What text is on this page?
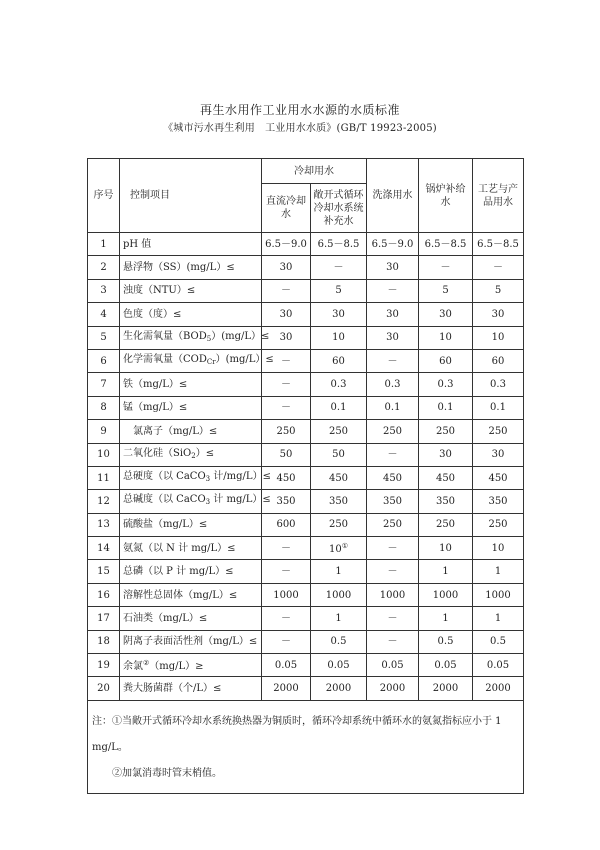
再生水用作工业用水水源的水质标准
《城市污水再生利用　工业用水水质》(GB/T 19923-2005)
序号	控制项目	冷却用水		洗涤用水	锅炉补给水	工艺与产品用水
		直流冷却水	敞开式循环冷却水系统补充水			
1	pH 值	6.5－9.0	6.5－8.5	6.5－9.0	6.5－8.5	6.5－8.5
2	悬浮物（SS）(mg/L）≤	30	－	30	－	－
3	浊度（NTU）≤	－	5	－	5	5
4	色度（度）≤	30	30	30	30	30
5	生化需氧量$(BOD_5)(mg/L)\le$	30	10	30	10	10
6	化学需氧量$(COD_{Cr})(mg/L)\le$	－	60	－	60	60
7	铁（mg/L）≤	－	0.3	0.3	0.3	0.3
8	锰（mg/L）≤	－	0.1	0.1	0.1	0.1
9	　氯离子（mg/L）≤	250	250	250	250	250
10	二氧化硅（SiO$_2$）≤	50	50	－	30	30
11	总硬度（以 CaCO$_3$ 计/mg/L）≤	450	450	450	450	450
12	总碱度（以 CaCO$_3$ 计 mg/L）≤	350	350	350	350	350
13	硫酸盐（mg/L）≤	600	250	250	250	250
14	氨氮（以 N 计 mg/L）≤	－	10①	－	10	10
15	总磷（以 P 计 mg/L）≤	－	1	－	1	1
16	溶解性总固体（mg/L）≤	1000	1000	1000	1000	1000
17	石油类（mg/L）≤	－	1	－	1	1
18	阴离子表面活性剂（mg/L）≤	－	0.5	－	0.5	0.5
19	余氯②（mg/L）≥	0.05	0.05	0.05	0.05	0.05
20	粪大肠菌群（个/L）≤	2000	2000	2000	2000	2000

注：①当敞开式循环冷却水系统换热器为铜质时，循环冷却系统中循环水的氨氮指标应小于 1 mg/L。
②加氯消毒时管末梢值。						
